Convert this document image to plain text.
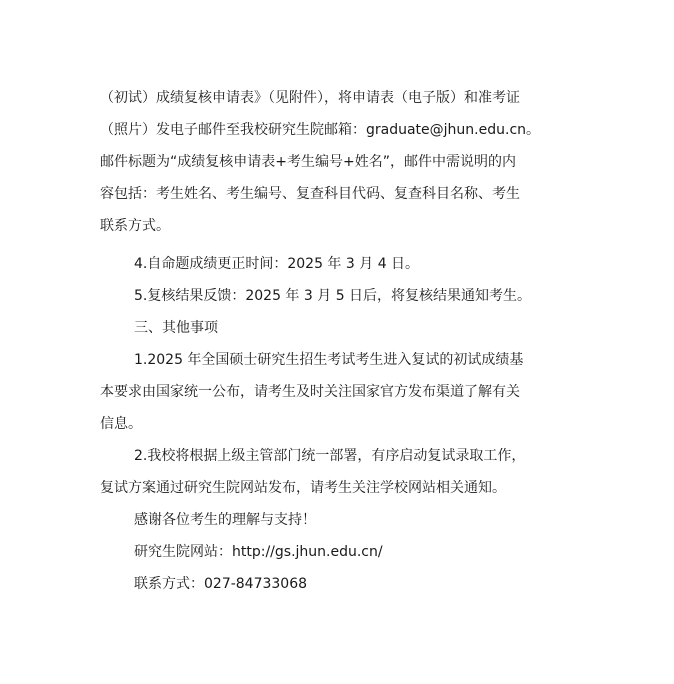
（初试）成绩复核申请表》（见附件），将申请表（电子版）和准考证
（照片）发电子邮件至我校研究生院邮箱：graduate@jhun.edu.cn。
邮件标题为“成绩复核申请表+考生编号+姓名”，邮件中需说明的内
容包括：考生姓名、考生编号、复查科目代码、复查科目名称、考生
联系方式。

4.自命题成绩更正时间：2025 年 3 月 4 日。

5.复核结果反馈：2025 年 3 月 5 日后，将复核结果通知考生。

三、其他事项

1.2025 年全国硕士研究生招生考试考生进入复试的初试成绩基
本要求由国家统一公布，请考生及时关注国家官方发布渠道了解有关
信息。
2.我校将根据上级主管部门统一部署，有序启动复试录取工作，
复试方案通过研究生院网站发布，请考生关注学校网站相关通知。

感谢各位考生的理解与支持！

研究生院网站：http://gs.jhun.edu.cn/

联系方式：027-84733068
